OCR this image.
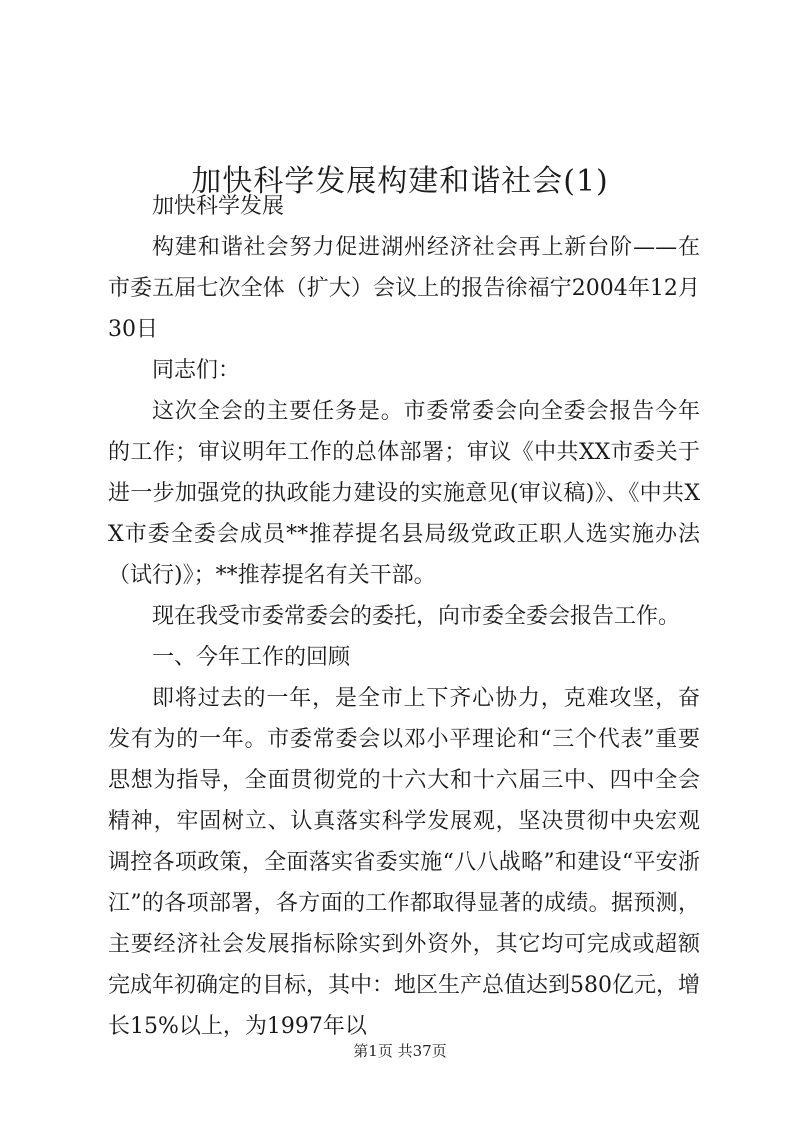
加快科学发展构建和谐社会(1)

加快科学发展

构建和谐社会努力促进湖州经济社会再上新台阶——在市委五届七次全体（扩大）会议上的报告徐福宁2004年12月30日

同志们：

这次全会的主要任务是。市委常委会向全委会报告今年的工作；审议明年工作的总体部署；审议《中共XX市委关于进一步加强党的执政能力建设的实施意见(审议稿)》、《中共XX市委全委会成员**推荐提名县局级党政正职人选实施办法（试行)》；**推荐提名有关干部。

现在我受市委常委会的委托，向市委全委会报告工作。

一、今年工作的回顾

即将过去的一年，是全市上下齐心协力，克难攻坚，奋发有为的一年。市委常委会以邓小平理论和“三个代表”重要思想为指导，全面贯彻党的十六大和十六届三中、四中全会精神，牢固树立、认真落实科学发展观，坚决贯彻中央宏观调控各项政策，全面落实省委实施“八八战略”和建设“平安浙江”的各项部署，各方面的工作都取得显著的成绩。据预测，主要经济社会发展指标除实到外资外，其它均可完成或超额完成年初确定的目标，其中：地区生产总值达到580亿元，增长15%以上，为1997年以

第1页 共37页
